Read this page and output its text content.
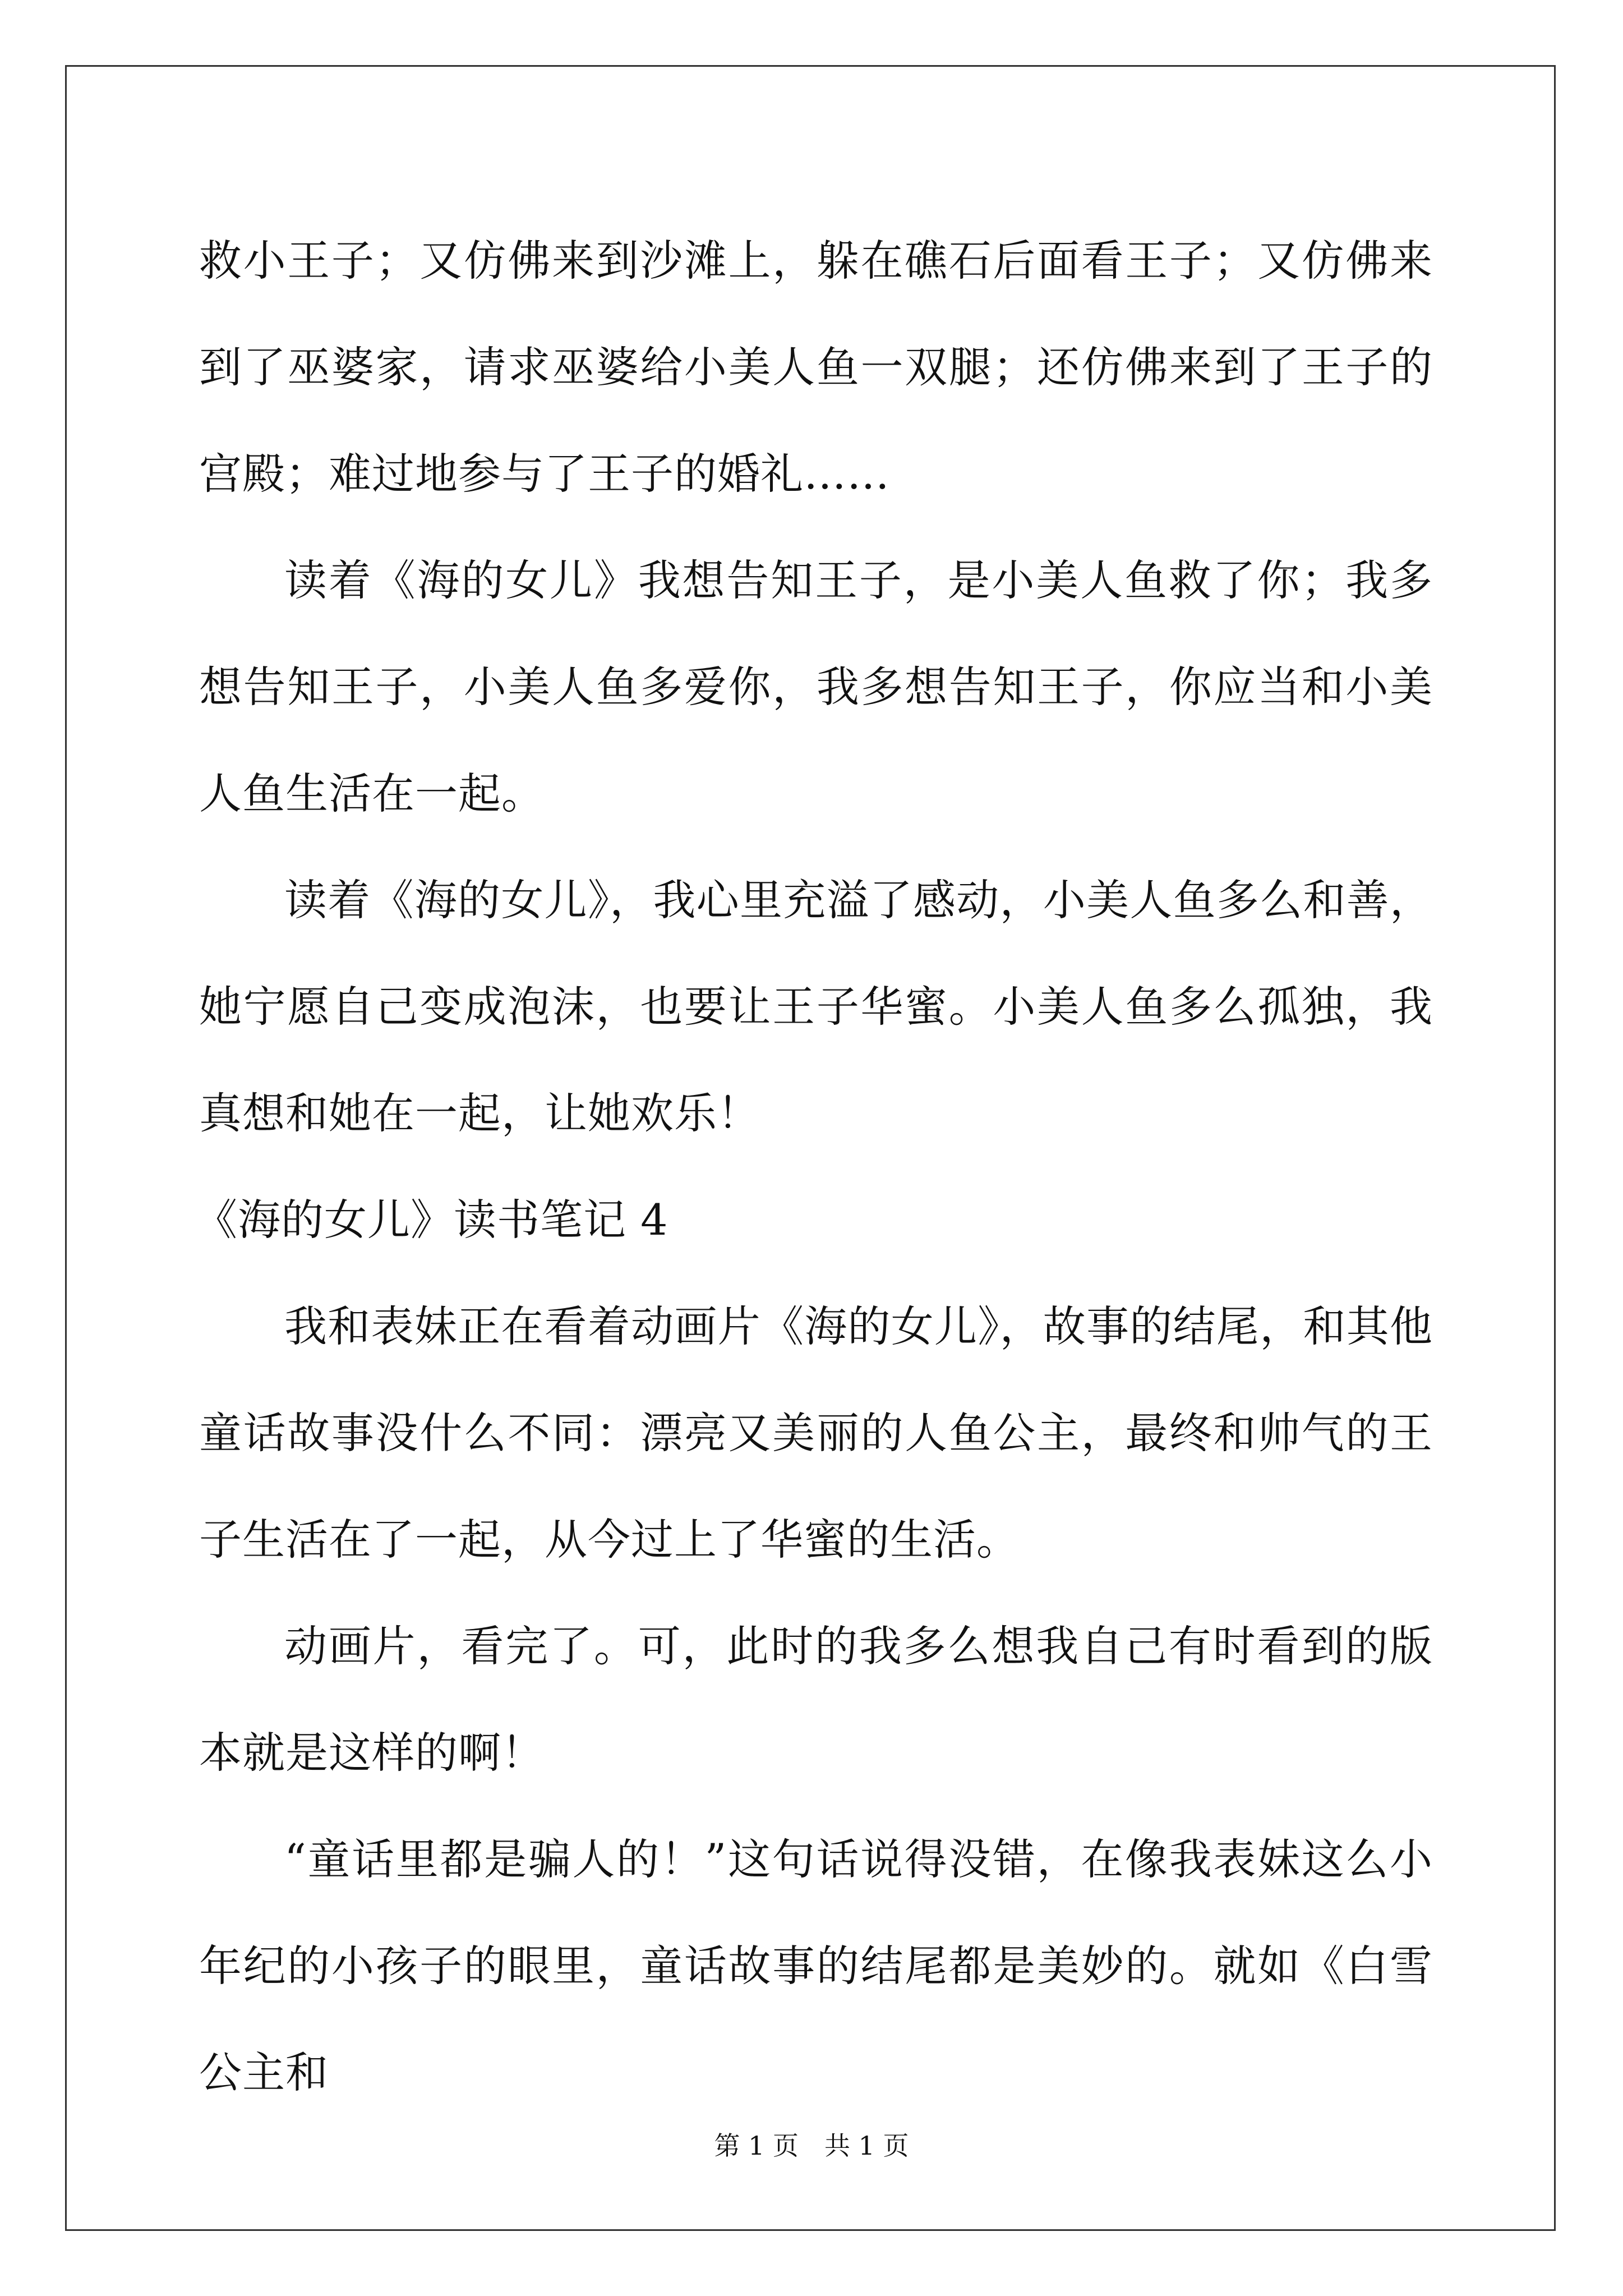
救小王子；又仿佛来到沙滩上，躲在礁石后面看王子；又仿佛来到了巫婆家，请求巫婆给小美人鱼一双腿；还仿佛来到了王子的宫殿；难过地参与了王子的婚礼……

读着《海的女儿》我想告知王子，是小美人鱼救了你；我多想告知王子，小美人鱼多爱你，我多想告知王子，你应当和小美人鱼生活在一起。

读着《海的女儿》，我心里充溢了感动，小美人鱼多么和善，她宁愿自己变成泡沫，也要让王子华蜜。小美人鱼多么孤独，我真想和她在一起，让她欢乐！

《海的女儿》读书笔记 4

我和表妹正在看着动画片《海的女儿》，故事的结尾，和其他童话故事没什么不同：漂亮又美丽的人鱼公主，最终和帅气的王子生活在了一起，从今过上了华蜜的生活。

动画片，看完了。可，此时的我多么想我自己有时看到的版本就是这样的啊！

“童话里都是骗人的！”这句话说得没错，在像我表妹这么小年纪的小孩子的眼里，童话故事的结尾都是美妙的。就如《白雪公主和

第 1 页　共 1 页
